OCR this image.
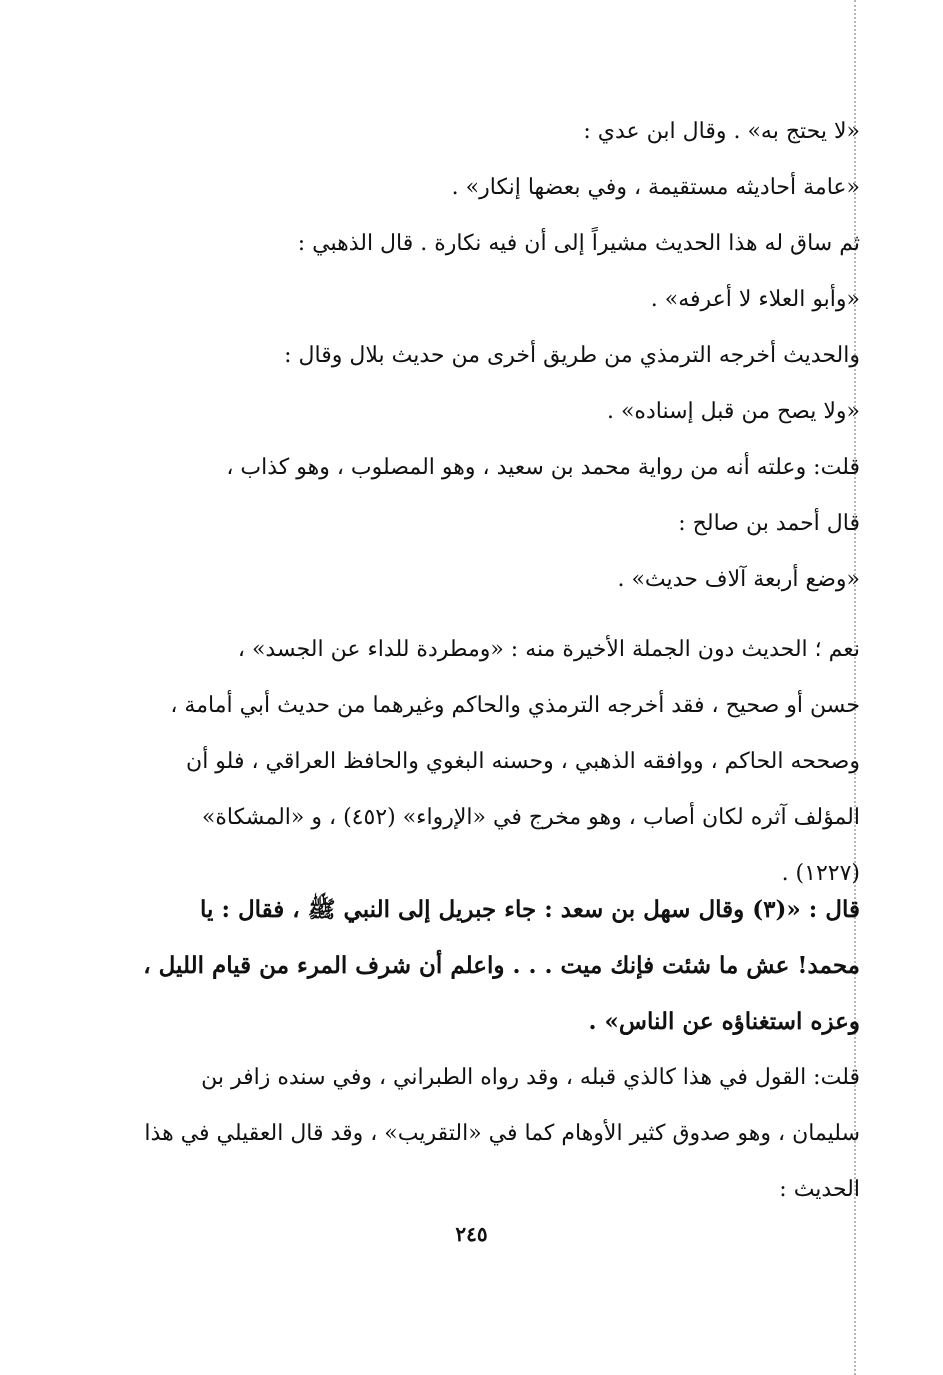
«لا يحتج به» . وقال ابن عدي :
«عامة أحاديثه مستقيمة ، وفي بعضها إنكار» .
ثم ساق له هذا الحديث مشيراً إلى أن فيه نكارة . قال الذهبي :
«وأبو العلاء لا أعرفه» .
والحديث أخرجه الترمذي من طريق أخرى من حديث بلال وقال :
«ولا يصح من قبل إسناده» .
قلت: وعلته أنه من رواية محمد بن سعيد ، وهو المصلوب ، وهو كذاب ،
قال أحمد بن صالح :
«وضع أربعة آلاف حديث» .
نعم ؛ الحديث دون الجملة الأخيرة منه : «ومطردة للداء عن الجسد» ،
حسن أو صحيح ، فقد أخرجه الترمذي والحاكم وغيرهما من حديث أبي أمامة ،
وصححه الحاكم ، ووافقه الذهبي ، وحسنه البغوي والحافظ العراقي ، فلو أن
المؤلف آثره لكان أصاب ، وهو مخرج في «الإرواء» (٤٥٢) ، و «المشكاة»
(١٢٢٧) .
قال : «(٣) وقال سهل بن سعد : جاء جبريل إلى النبي ﷺ ، فقال : يا
محمد! عش ما شئت فإنك ميت . . . واعلم أن شرف المرء من قيام الليل ،
وعزه استغناؤه عن الناس» .
قلت: القول في هذا كالذي قبله ، وقد رواه الطبراني ، وفي سنده زافر بن
سليمان ، وهو صدوق كثير الأوهام كما في «التقريب» ، وقد قال العقيلي في هذا
الحديث :
٢٤٥
